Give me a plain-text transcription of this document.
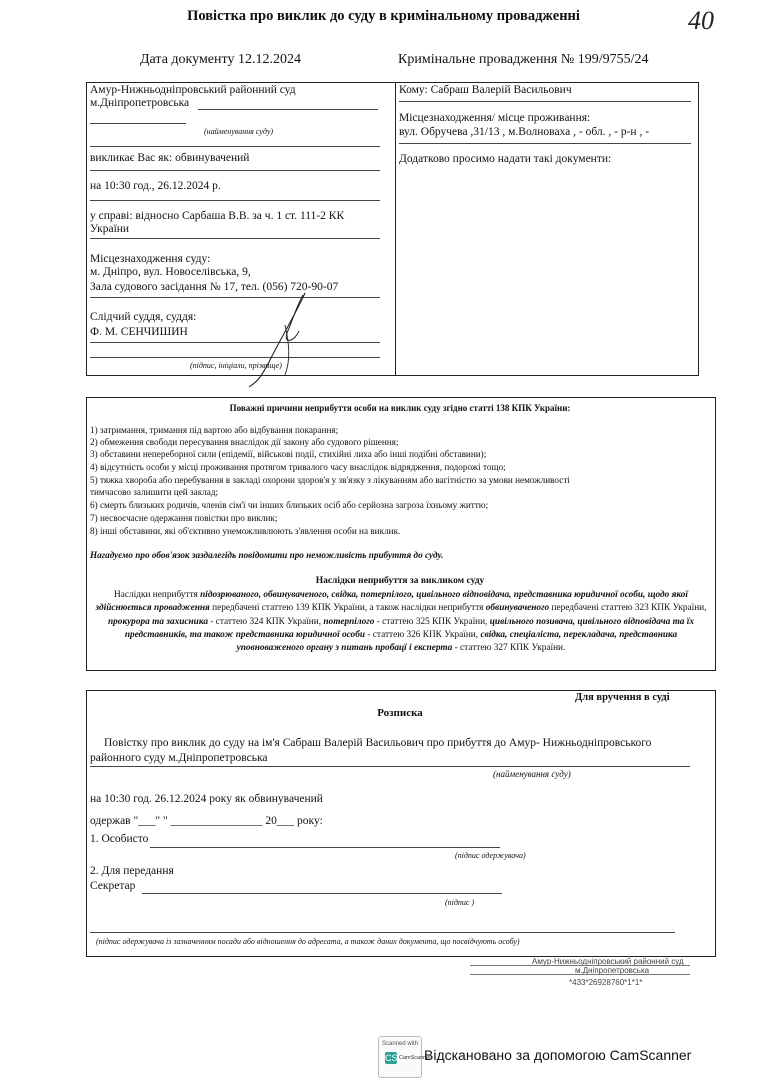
Повістка про виклик до суду в кримінальному провадженні	40
Дата документу 12.12.2024	Кримінальне провадження № 199/9755/24
Амур-Нижньодніпровський районний суд
м.Дніпропетровська
(найменування суду)
викликає Вас як: обвинувачений
на 10:30 год., 26.12.2024 р.
у справі: відносно Сарбаша В.В. за ч. 1 ст. 111-2 КК
України
Місцезнаходження суду:
м. Дніпро, вул. Новоселівська, 9,
Зала судового засідання № 17, тел. (056) 720-90-07
Слідчий суддя, суддя:
Ф. М. СЕНЧИШИН
(підпис, ініціали, прізвище)
Кому: Сабраш Валерій Васильович
Місцезнаходження/ місце проживання:
вул. Обручева ,31/13 , м.Волноваха , - обл. , - р-н , -
Додатково просимо надати такі документи:
Поважні причини неприбуття особи на виклик суду згідно статті 138 КПК України:
1) затримання, тримання під вартою або відбування покарання;
2) обмеження свободи пересування внаслідок дії закону або судового рішення;
3) обставини непереборної сили (епідемії, військові події, стихійні лиха або інші подібні обставини);
4) відсутність особи у місці проживання протягом тривалого часу внаслідок відрядження, подорожі тощо;
5) тяжка хвороба або перебування в закладі охорони здоров'я у зв'язку з лікуванням або вагітністю за умови неможливості
тимчасово залишити цей заклад;
6) смерть близьких родичів, членів сім'ї чи інших близьких осіб або серйозна загроза їхньому життю;
7) несвоєчасне одержання повістки про виклик;
8) інші обставини, які об'єктивно унеможливлюють з'явлення особи на виклик.
Нагадуємо про обов'язок заздалегідь повідомити про неможливість прибуття до суду.
Наслідки неприбуття за викликом суду
Наслідки неприбуття підозрюваного, обвинуваченого, свідка, потерпілого, цивільного відповідача, представника юридичної особи, щодо якої здійснюється провадження передбачені статтею 139 КПК України, а також наслідки неприбуття обвинуваченого передбачені статтею 323 КПК України, прокурора та захисника - статтею 324 КПК України, потерпілого - статтею 325 КПК України, цивільного позивача, цивільного відповідача та їх представників, та також представника юридичної особи - статтею 326 КПК України, свідка, спеціаліста, перекладача, представника уповноваженого органу з питань пробацї і експерта - статтею 327 КПК України.
Для вручення в суді
Розписка
Повістку про виклик до суду на ім'я Сабраш Валерій Васильович про прибуття до Амур- Нижньодніпровського
районного суду м.Дніпропетровська
(найменування суду)
на 10:30 год. 26.12.2024 року як обвинувачений
одержав "___" " ________________ 20___ року:
1. Особисто
(підпис одержувача)
2. Для передання
Секретар
(підпис )
(підпис одержувача із зазначенням посади або відношення до адресата, а також даних документа, що посвідчують особу)
Амур-Нижньодніпровський районний суд
м.Дніпропетровська
*433*26928760*1*1*
Scanned with
CS CamScanner
Відскановано за допомогою CamScanner
